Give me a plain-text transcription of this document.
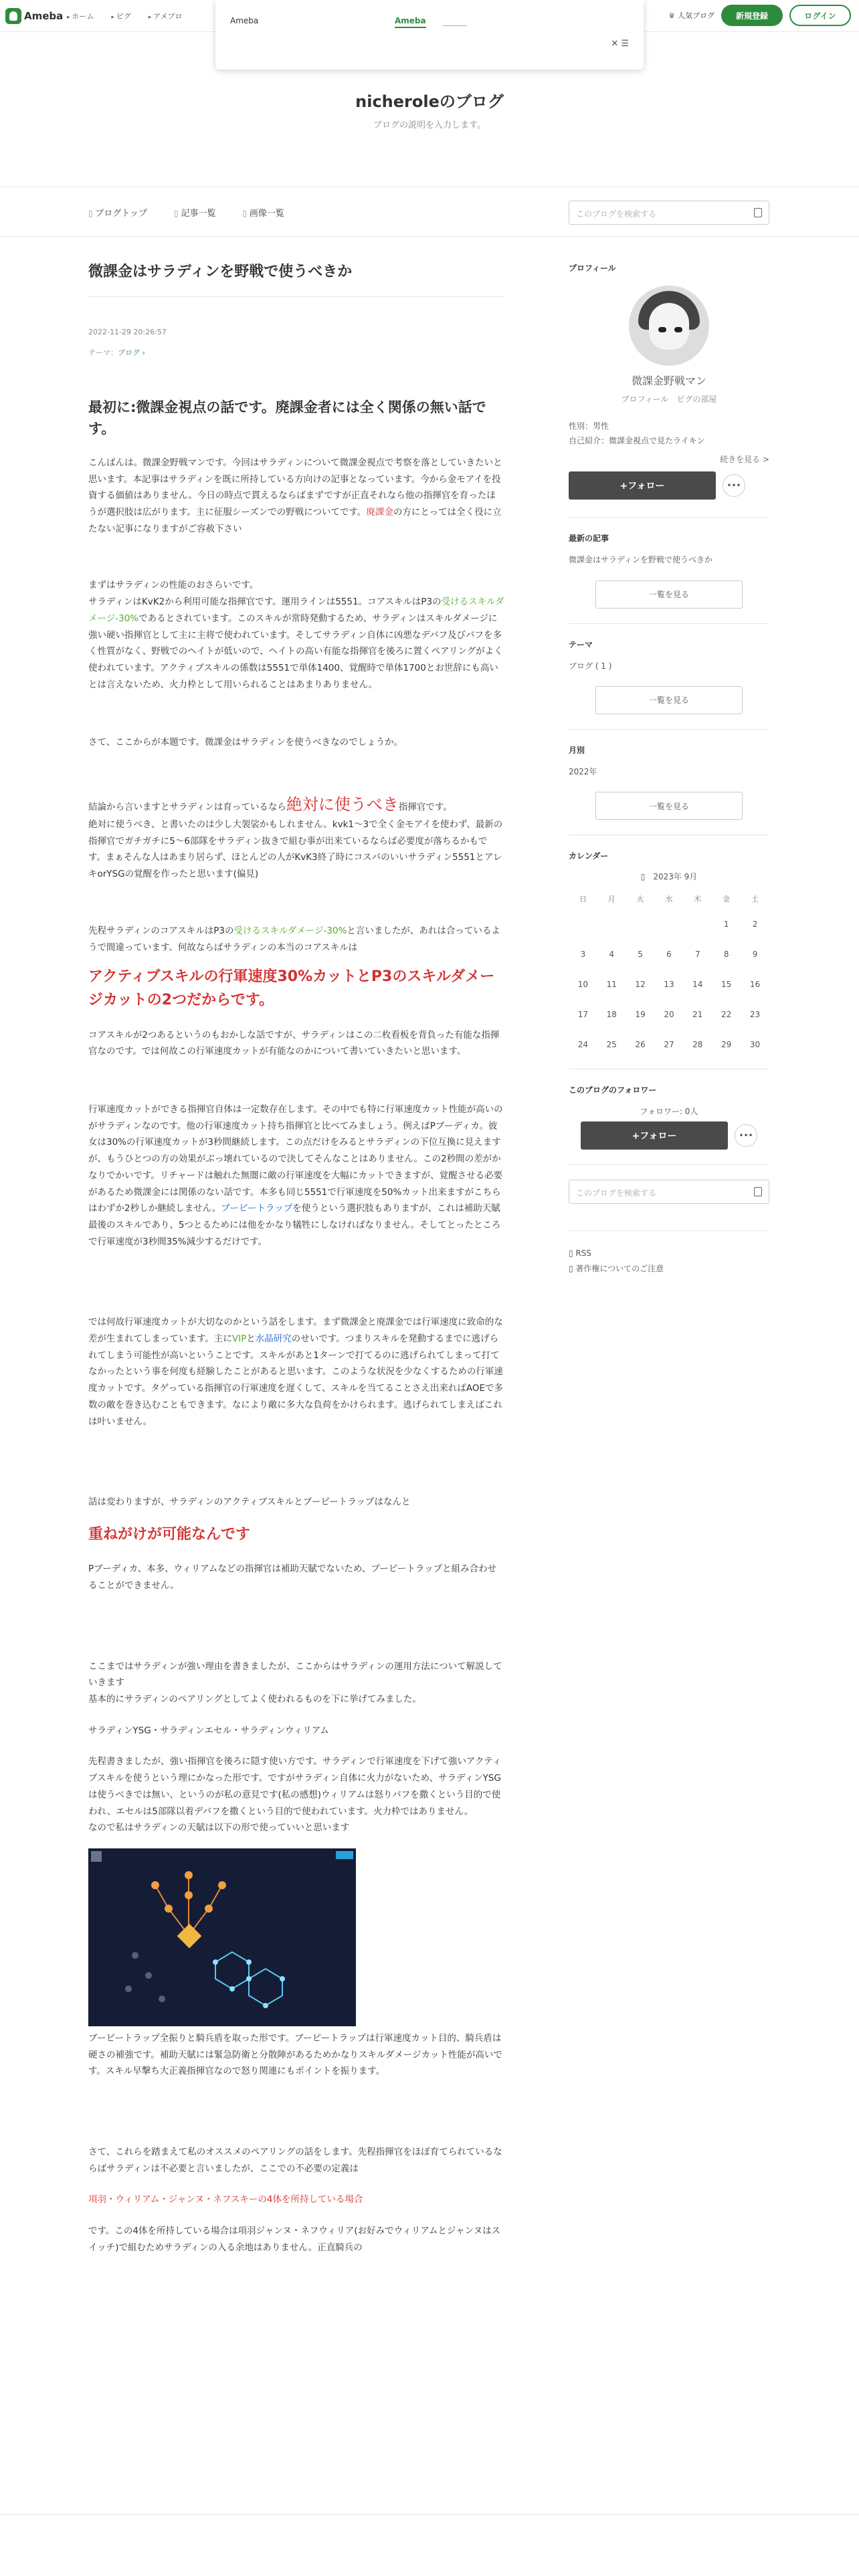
Ameba	▸ ホーム	▸ ピグ	▸ アメブロ	♛ 人気ブログ	新規登録	ログイン
Ameba	Ameba
✕ ☰
nicheroleのブログ
ブログの説明を入力します。
▯ ブログトップ	▯ 記事一覧	▯ 画像一覧	このブログを検索する
微課金はサラディンを野戦で使うべきか
2022-11-29 20:26:57
テーマ：ブログ ›
最初に:微課金視点の話です。廃課金者には全く関係の無い話です。

こんばんは。微課金野戦マンです。今回はサラディンについて微課金視点で考察を落としていきたいと思います。本記事はサラディンを既に所持している方向けの記事となっています。今から金モアイを投資する価値はありません。今日の時点で貫えるならばまずですが正直それなら他の指揮官を育ったほうが選択肢は広がります。主に征服シーズンでの野戦についてです。廃課金の方にとっては全く役に立たない記事になりますがご容赦下さい

まずはサラディンの性能のおさらいです。
サラディンはKvK2から利用可能な指揮官です。運用ラインは5551。コアスキルはP3の受けるスキルダメージ-30%であるとされています。このスキルが常時発動するため、サラディンはスキルダメージに強い硬い指揮官として主に主将で使われています。そしてサラディン自体に凶悪なデバフ及びバフを多く性質がなく、野戦でのヘイトが低いので、ヘイトの高い有能な指揮官を後ろに置くペアリングがよく使われています。アクティブスキルの係数は5551で単体1400、覚醒時で単体1700とお世辞にも高いとは言えないため、火力枠として用いられることはあまりありません。

さて、ここからが本題です。微課金はサラディンを使うべきなのでしょうか。

結論から言いますとサラディンは育っているなら絶対に使うべき指揮官です。
絶対に使うべき、と書いたのは少し大袈裟かもしれません。kvk1〜3で全く金モアイを使わず、最新の指揮官でガチガチに5〜6部隊をサラディン抜きで組む事が出来ているならば必要度が落ちるかもです。まぁそんな人はあまり居らず、ほとんどの人がKvK3終了時にコスパのいいサラディン5551とアレキorYSGの覚醒を作ったと思います(偏見)

先程サラディンのコアスキルはP3の受けるスキルダメージ-30%と言いましたが、あれは合っているようで間違っています。何故ならばサラディンの本当のコアスキルは

アクティブスキルの行軍速度30%カットとP3のスキルダメージカットの2つだからです。

コアスキルが2つあるというのもおかしな話ですが、サラディンはこの二枚看板を背負った有能な指揮官なのです。では何故この行軍速度カットが有能なのかについて書いていきたいと思います。

行軍速度カットができる指揮官自体は一定数存在します。その中でも特に行軍速度カット性能が高いのがサラディンなのです。他の行軍速度カット持ち指揮官と比べてみましょう。例えばPブーディカ。彼女は30%の行軍速度カットが3秒間継続します。この点だけをみるとサラディンの下位互換に見えますが、もうひとつの方の効果がぶっ壊れているので決してそんなことはありません。この2秒間の差がかなりでかいです。リチャードは触れた無闇に敵の行軍速度を大幅にカットできますが、覚醒させる必要があるため微課金には関係のない話です。本多も同じ5551で行軍速度を50%カット出来ますがこちらはわずか2秒しか継続しません。ブーピートラップを使うという選択肢もありますが、これは補助天賦最後のスキルであり、5つとるためには他をかなり犠牲にしなければなりません。そしてとったところで行軍速度が3秒間35%減少するだけです。

では何故行軍速度カットが大切なのかという話をします。まず微課金と廃課金では行軍速度に致命的な差が生まれてしまっています。主にVIPと水晶研究のせいです。つまりスキルを発動するまでに逃げられてしまう可能性が高いということです。スキルがあと1ターンで打てるのに逃げられてしまって打てなかったという事を何度も経験したことがあると思います。このような状況を少なくするための行軍速度カットです。タゲっている指揮官の行軍速度を遅くして、スキルを当てることさえ出来ればAOEで多数の敵を巻き込むこともできます。なにより敵に多大な負荷をかけられます。逃げられてしまえばこれは叶いません。

話は変わりますが、サラディンのアクティブスキルとブーピートラップはなんと

重ねがけが可能なんです

Pブーディカ、本多、ウィリアムなどの指揮官は補助天賦でないため、ブーピートラップと組み合わせることができません。

ここまではサラディンが強い理由を書きましたが、ここからはサラディンの運用方法について解説していきます
基本的にサラディンのペアリングとしてよく使われるものを下に挙げてみました。

サラディンYSG・サラディンエセル・サラディンウィリアム

先程書きましたが、強い指揮官を後ろに隠す使い方です。サラディンで行軍速度を下げて強いアクティブスキルを使うという理にかなった形です。ですがサラディン自体に火力がないため、サラディンYSGは使うべきでは無い、というのが私の意見です(私の感想)ウィリアムは怒りバフを撒くという目的で使われ、エセルは5部隊以着デバフを撒くという目的で使われています。火力枠ではありません。
なので私はサラディンの天賦は以下の形で使っていいと思います

ブーピートラップ全振りと騎兵盾を取った形です。ブーピートラップは行軍速度カット目的、騎兵盾は硬さの補強です。補助天賦には緊急防衛と分散陣があるためかなりスキルダメージカット性能が高いです。スキル早撃ち大正義指揮官なので怒り関連にもポイントを振ります。

さて、これらを踏まえて私のオススメのペアリングの話をします。先程指揮官をほぼ育てられているならばサラディンは不必要と言いましたが、ここでの不必要の定義は

項羽・ウィリアム・ジャンヌ・ネフスキーの4体を所持している場合

です。この4体を所持している場合は項羽ジャンヌ・ネフウィリア(お好みでウィリアムとジャンヌはスイッチ)で組むためサラディンの入る余地はありません。正直騎兵の

プロフィール
微課金野戦マン
プロフィール　 ピグの部屋
性別：男性
自己紹介：微課金視点で見たライキン
続きを見る >
+フォロー	•••
最新の記事
微課金はサラディンを野戦で使うべきか
一覧を見る
テーマ
ブログ ( 1 )
一覧を見る
月別
2022年
一覧を見る
カレンダー
▯　 2023年 9月
日	月	火	水	木	金	土
					1	2
3	4	5	6	7	8	9
10	11	12	13	14	15	16
17	18	19	20	21	22	23
24	25	26	27	28	29	30
このブログのフォロワー
フォロワー: 0人
+フォロー	•••
このブログを検索する
▯ RSS
▯ 著作権についてのご注意
